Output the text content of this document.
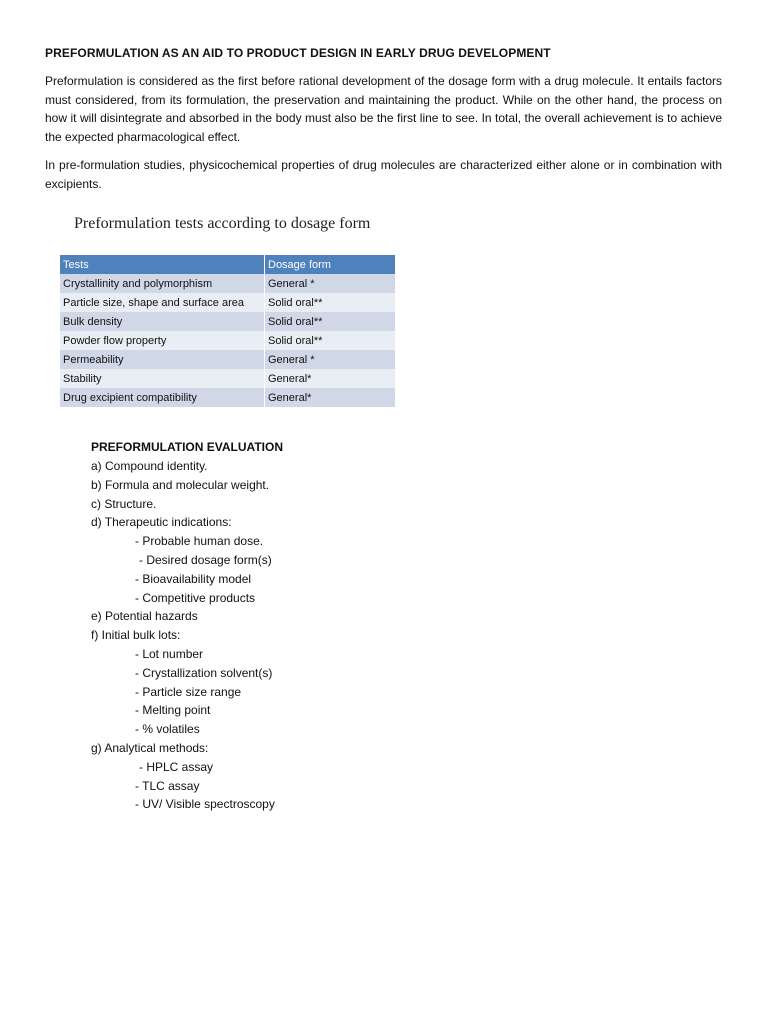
PREFORMULATION AS AN AID TO PRODUCT DESIGN IN EARLY DRUG DEVELOPMENT

Preformulation is considered as the first before rational development of the dosage form with a drug molecule. It entails factors must considered, from its formulation, the preservation and maintaining the product. While on the other hand, the process on how it will disintegrate and absorbed in the body must also be the first line to see. In total, the overall achievement is to achieve the expected pharmacological effect.

In pre-formulation studies, physicochemical properties of drug molecules are characterized either alone or in combination with excipients.

Preformulation tests according to dosage form
Tests	Dosage form
Crystallinity and polymorphism	General *
Particle size, shape and surface area	Solid oral**
Bulk density	Solid oral**
Powder flow property	Solid oral**
Permeability	General *
Stability	General*
Drug excipient compatibility	General*
PREFORMULATION EVALUATION
a) Compound identity.
b) Formula and molecular weight.
c) Structure.
d) Therapeutic indications:
- Probable human dose.
- Desired dosage form(s)
- Bioavailability model
- Competitive products
e) Potential hazards
f) Initial bulk lots:
- Lot number
- Crystallization solvent(s)
- Particle size range
- Melting point
- % volatiles
g) Analytical methods:
- HPLC assay
- TLC assay
- UV/ Visible spectroscopy
